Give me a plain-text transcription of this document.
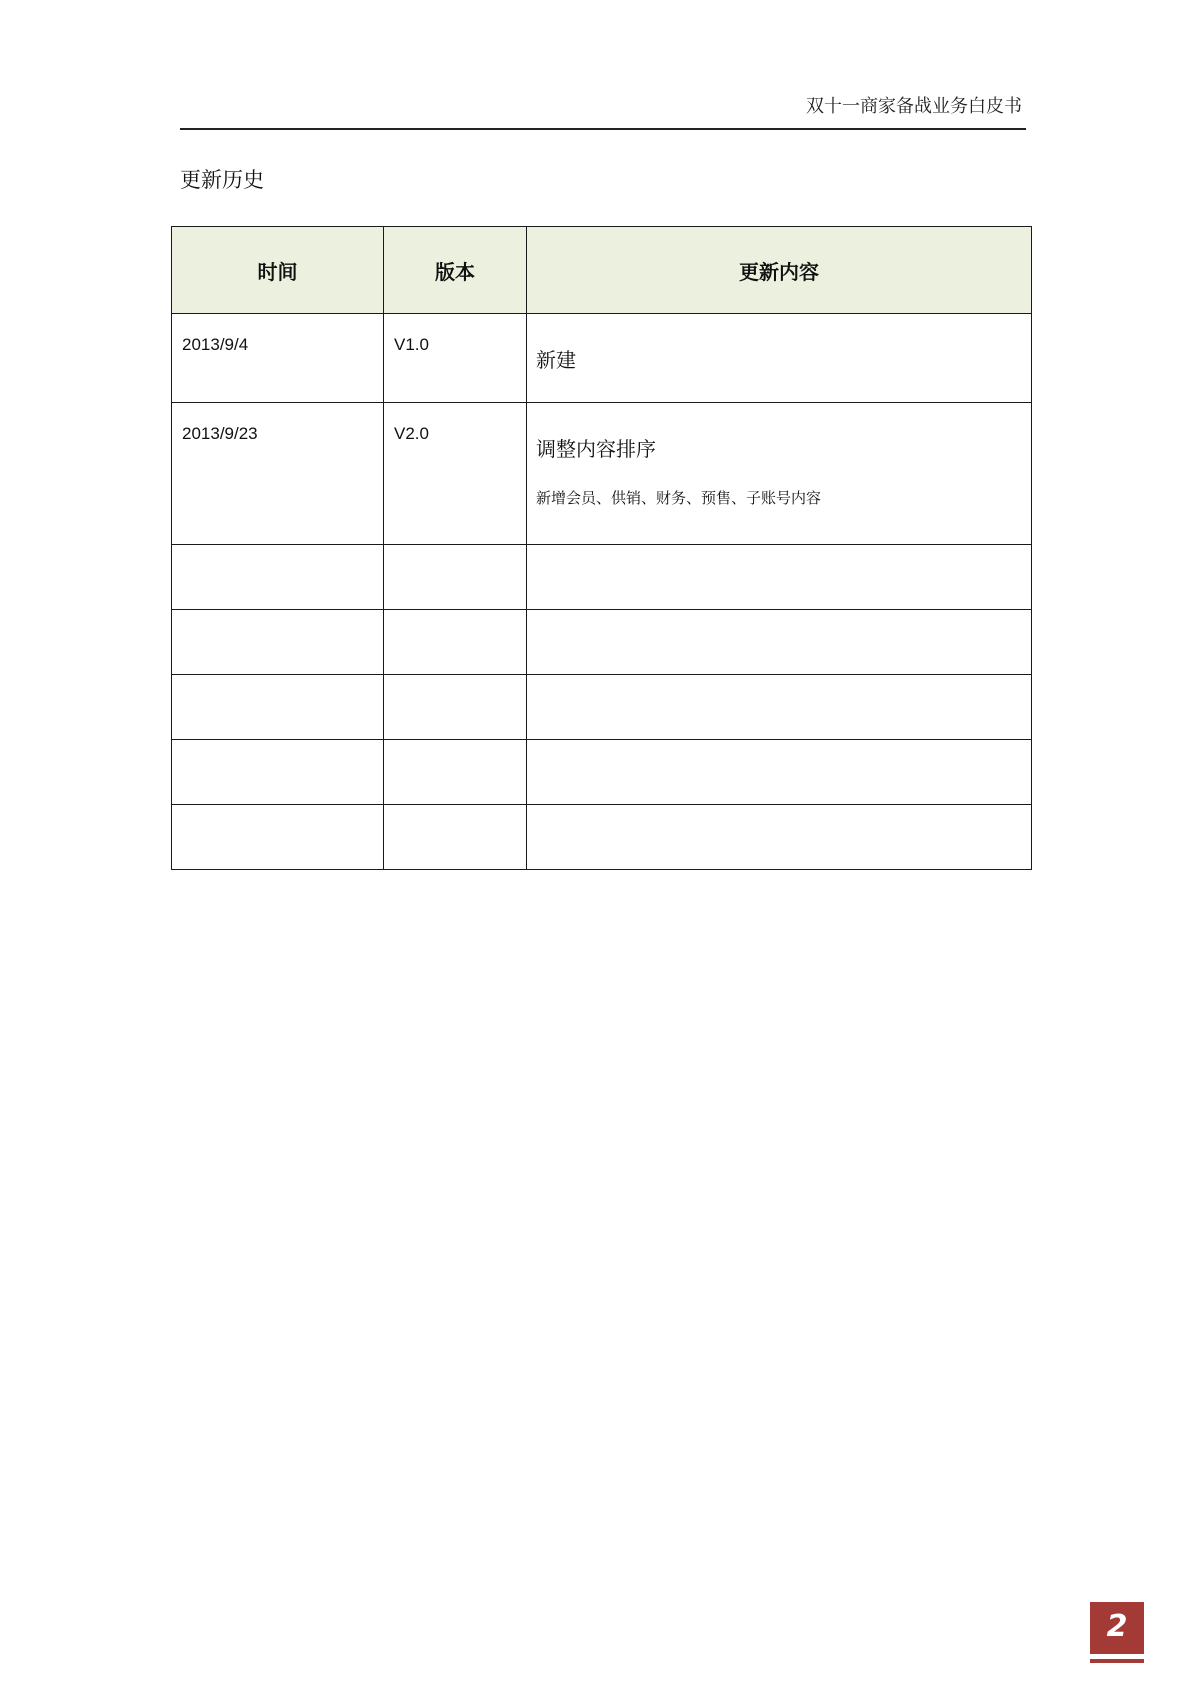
双十一商家备战业务白皮书
更新历史
时间	版本	更新内容

2013/9/4	V1.0	新建

2013/9/23	V2.0	调整内容排序
新增会员、供销、财务、预售、子账号内容

2
